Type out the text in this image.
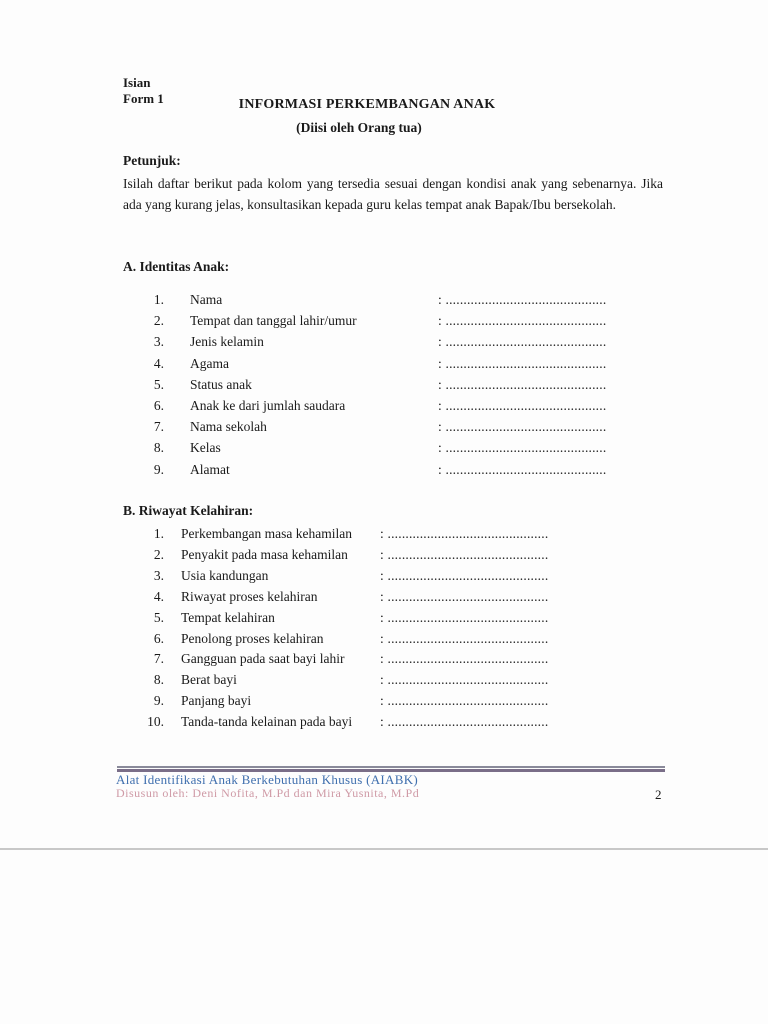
Isian
Form 1	INFORMASI PERKEMBANGAN ANAK
(Diisi oleh Orang tua)
Petunjuk:
Isilah daftar berikut pada kolom yang tersedia sesuai dengan kondisi anak yang sebenarnya. Jika ada yang kurang jelas, konsultasikan kepada guru kelas tempat anak Bapak/Ibu bersekolah.
A. Identitas Anak:
1. Nama	: .............................................
2. Tempat dan tanggal lahir/umur	: .............................................
3. Jenis kelamin	: .............................................
4. Agama	: .............................................
5. Status anak	: .............................................
6. Anak ke dari jumlah saudara	: .............................................
7. Nama sekolah	: .............................................
8. Kelas	: .............................................
9. Alamat	: .............................................
B. Riwayat Kelahiran:
1. Perkembangan masa kehamilan : .............................................
2. Penyakit pada masa kehamilan : .............................................
3. Usia kandungan	: .............................................
4. Riwayat proses kelahiran	: .............................................
5. Tempat kelahiran	: .............................................
6. Penolong proses kelahiran	: .............................................
7. Gangguan pada saat bayi lahir	: .............................................
8. Berat bayi	: .............................................
9. Panjang bayi	: .............................................
10. Tanda-tanda kelainan pada bayi : .............................................
Alat Identifikasi Anak Berkebutuhan Khusus (AIABK)
Disusun oleh: Deni Nofita, M.Pd dan Mira Yusnita, M.Pd	2
